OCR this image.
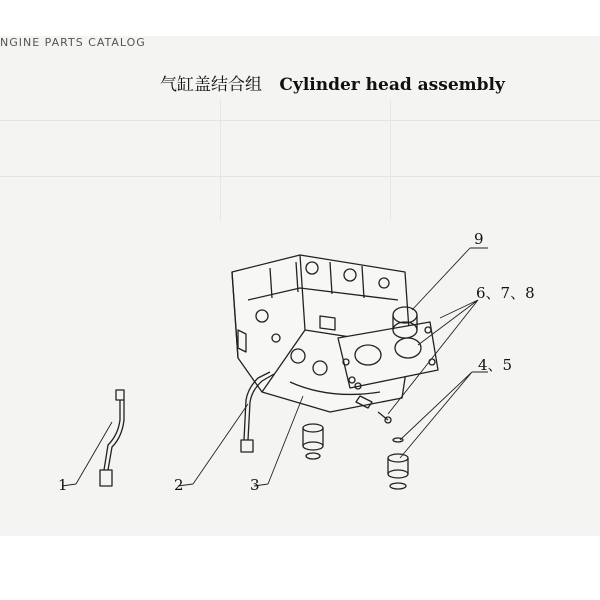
NGINE PARTS CATALOG
气缸盖结合组 Cylinder head assembly
1	2	3
4、5
6、7、8
9
